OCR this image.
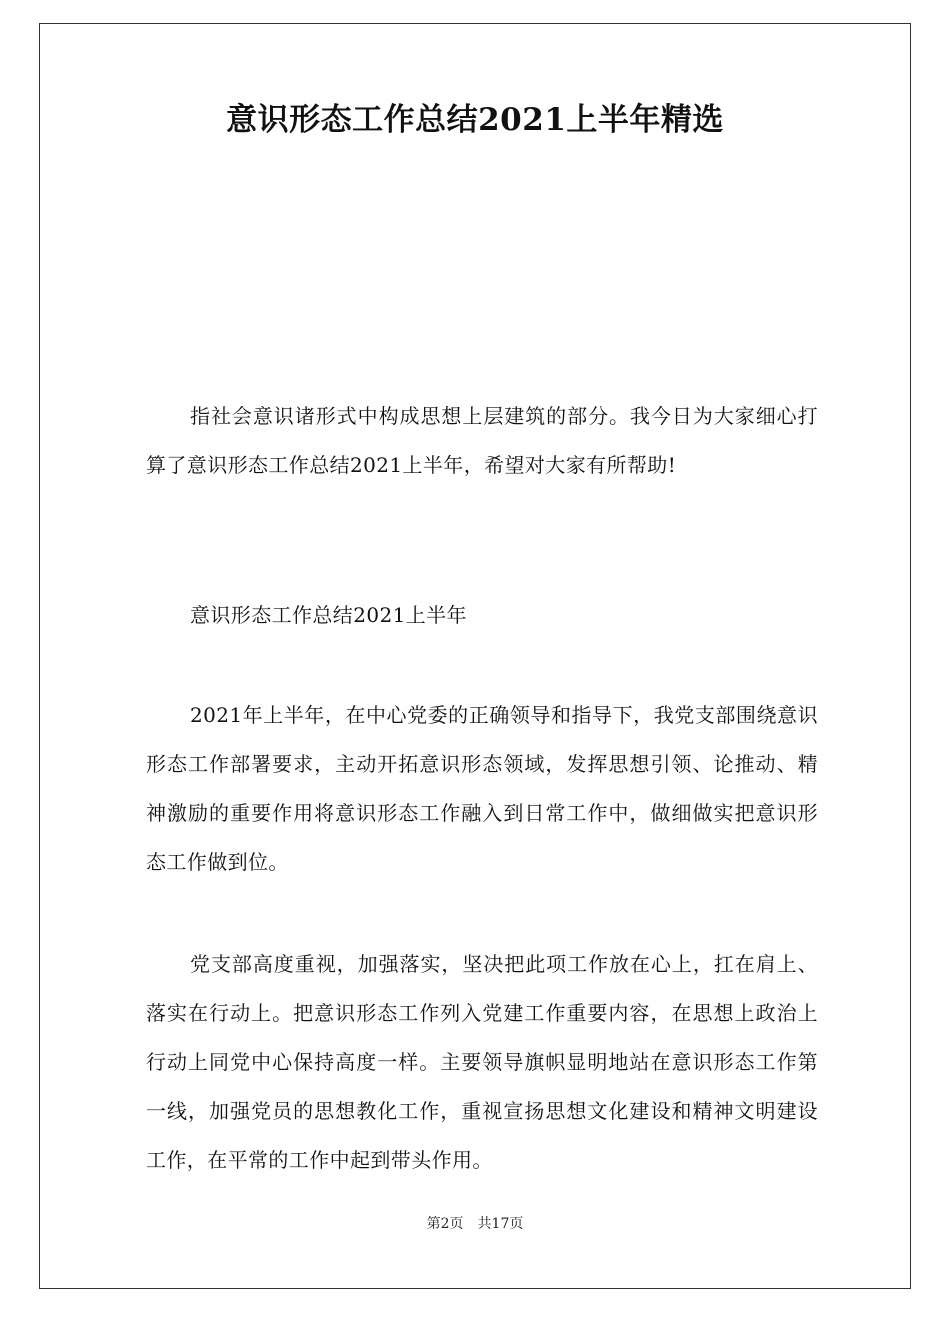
意识形态工作总结2021上半年精选

指社会意识诸形式中构成思想上层建筑的部分。我今日为大家细心打算了意识形态工作总结2021上半年，希望对大家有所帮助!

意识形态工作总结2021上半年

2021年上半年，在中心党委的正确领导和指导下，我党支部围绕意识形态工作部署要求，主动开拓意识形态领域，发挥思想引领、论推动、精神激励的重要作用将意识形态工作融入到日常工作中，做细做实把意识形态工作做到位。

党支部高度重视，加强落实，坚决把此项工作放在心上，扛在肩上、落实在行动上。把意识形态工作列入党建工作重要内容，在思想上政治上行动上同党中心保持高度一样。主要领导旗帜显明地站在意识形态工作第一线，加强党员的思想教化工作，重视宣扬思想文化建设和精神文明建设工作，在平常的工作中起到带头作用。

第2页 共17页
